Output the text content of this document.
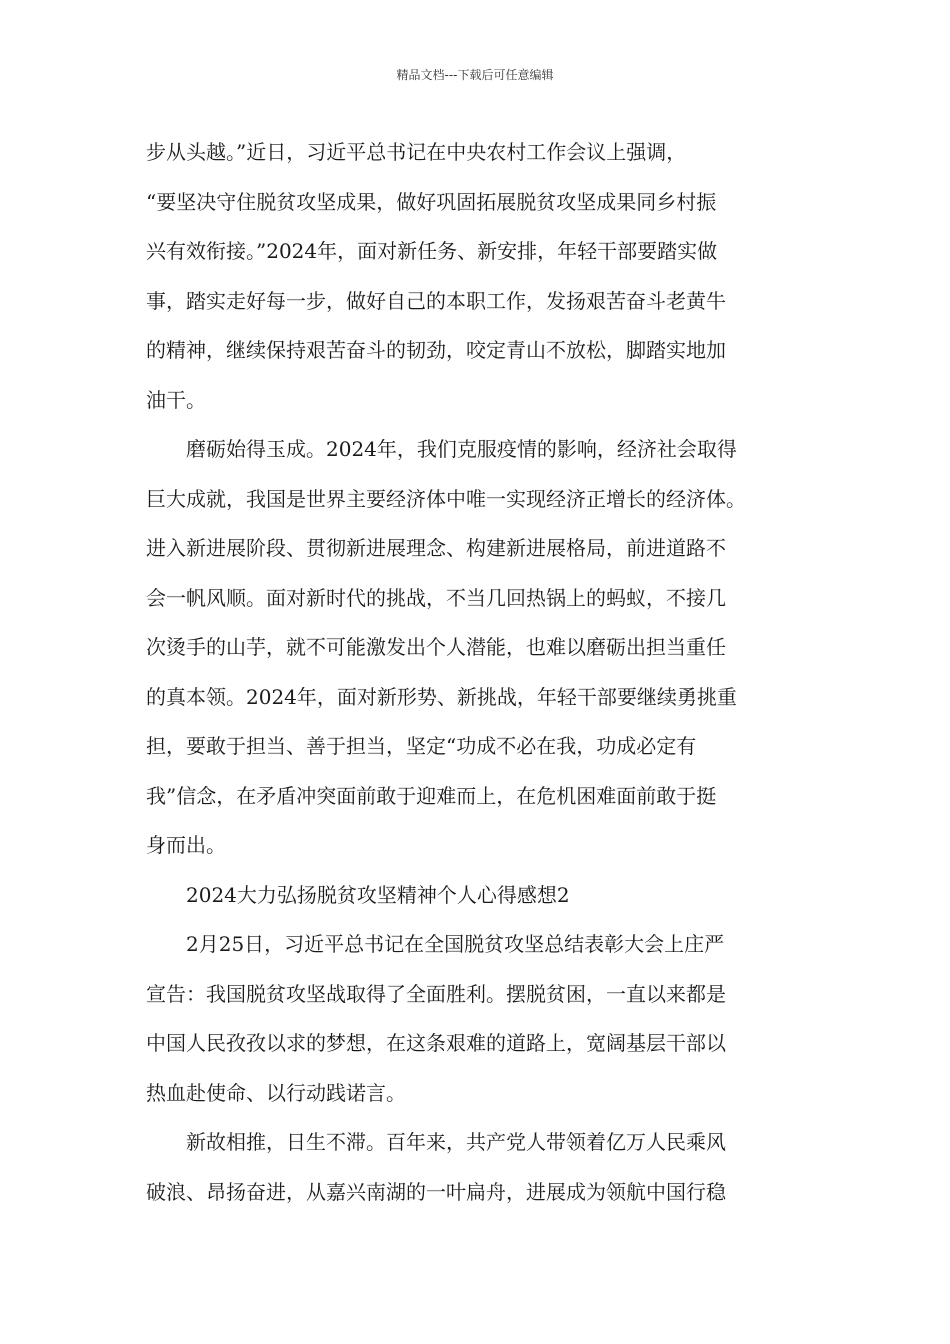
精品文档---下载后可任意编辑

步从头越。”近日，习近平总书记在中央农村工作会议上强调，
“要坚决守住脱贫攻坚成果，做好巩固拓展脱贫攻坚成果同乡村振
兴有效衔接。”2024年，面对新任务、新安排，年轻干部要踏实做
事，踏实走好每一步，做好自己的本职工作，发扬艰苦奋斗老黄牛
的精神，继续保持艰苦奋斗的韧劲，咬定青山不放松，脚踏实地加
油干。

磨砺始得玉成。2024年，我们克服疫情的影响，经济社会取得
巨大成就，我国是世界主要经济体中唯一实现经济正增长的经济体。
进入新进展阶段、贯彻新进展理念、构建新进展格局，前进道路不
会一帆风顺。面对新时代的挑战，不当几回热锅上的蚂蚁，不接几
次烫手的山芋，就不可能激发出个人潜能，也难以磨砺出担当重任
的真本领。2024年，面对新形势、新挑战，年轻干部要继续勇挑重
担，要敢于担当、善于担当，坚定“功成不必在我，功成必定有
我”信念，在矛盾冲突面前敢于迎难而上，在危机困难面前敢于挺
身而出。

2024大力弘扬脱贫攻坚精神个人心得感想2

2月25日，习近平总书记在全国脱贫攻坚总结表彰大会上庄严
宣告：我国脱贫攻坚战取得了全面胜利。摆脱贫困，一直以来都是
中国人民孜孜以求的梦想，在这条艰难的道路上，宽阔基层干部以
热血赴使命、以行动践诺言。

新故相推，日生不滞。百年来，共产党人带领着亿万人民乘风
破浪、昂扬奋进，从嘉兴南湖的一叶扁舟，进展成为领航中国行稳
